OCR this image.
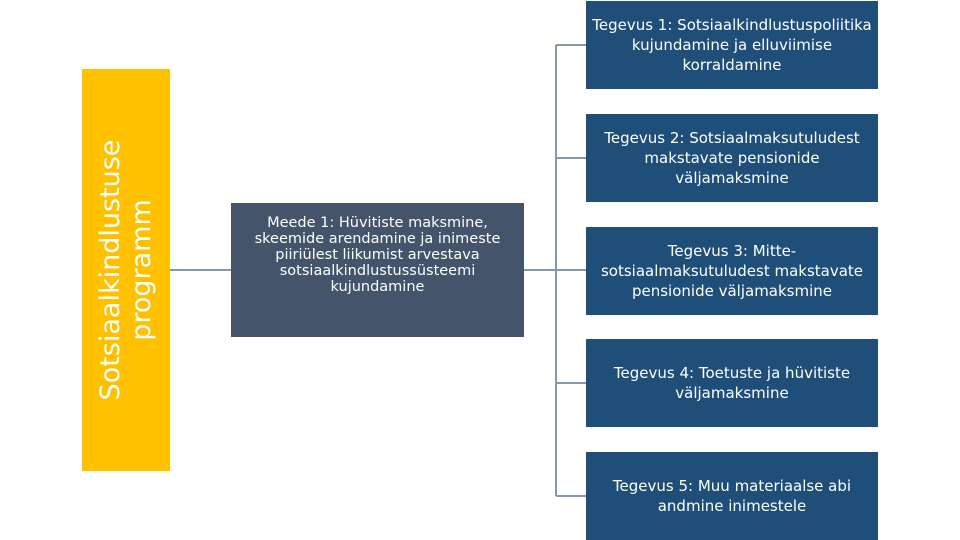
Sotsiaalkindlustuse programm	Meede 1: Hüvitiste maksmine, skeemide arendamine ja inimeste piiriülest liikumist arvestava sotsiaalkindlustussüsteemi kujundamine
Tegevus 1: Sotsiaalkindlustuspoliitika kujundamine ja elluviimise korraldamine
Tegevus 2: Sotsiaalmaksutuludest makstavate pensionide väljamaksmine
Tegevus 3: Mitte-sotsiaalmaksutuludest makstavate pensionide väljamaksmine
Tegevus 4: Toetuste ja hüvitiste väljamaksmine
Tegevus 5: Muu materiaalse abi andmine inimestele
